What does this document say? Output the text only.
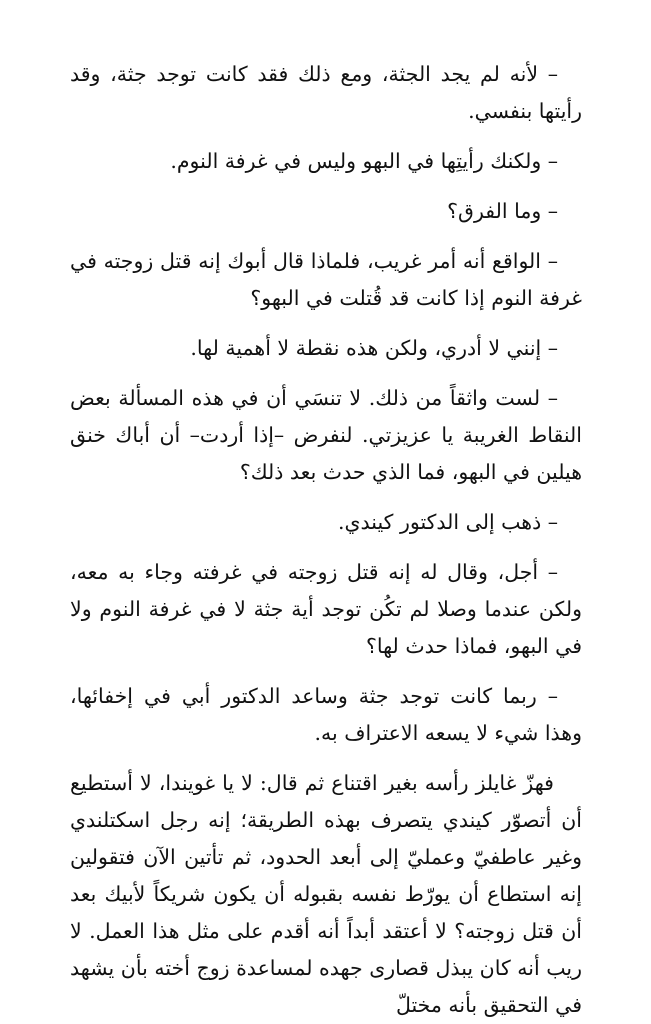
– لأنه لم يجد الجثة، ومع ذلك فقد كانت توجد جثة، وقد رأيتها بنفسي.

– ولكنك رأيتِها في البهو وليس في غرفة النوم.

– وما الفرق؟

– الواقع أنه أمر غريب، فلماذا قال أبوك إنه قتل زوجته في غرفة النوم إذا كانت قد قُتلت في البهو؟

– إنني لا أدري، ولكن هذه نقطة لا أهمية لها.

– لست واثقاً من ذلك. لا تنسَي أن في هذه المسألة بعض النقاط الغريبة يا عزيزتي. لنفرض –إذا أردت– أن أباك خنق هيلين في البهو، فما الذي حدث بعد ذلك؟

– ذهب إلى الدكتور كيندي.

– أجل، وقال له إنه قتل زوجته في غرفته وجاء به معه، ولكن عندما وصلا لم تكُن توجد أية جثة لا في غرفة النوم ولا في البهو، فماذا حدث لها؟

– ربما كانت توجد جثة وساعد الدكتور أبي في إخفائها، وهذا شيء لا يسعه الاعتراف به.

فهزّ غايلز رأسه بغير اقتناع ثم قال: لا يا غويندا، لا أستطيع أن أتصوّر كيندي يتصرف بهذه الطريقة؛ إنه رجل اسكتلندي وغير عاطفيّ وعمليّ إلى أبعد الحدود، ثم تأتين الآن فتقولين إنه استطاع أن يورّط نفسه بقبوله أن يكون شريكاً لأبيك بعد أن قتل زوجته؟ لا أعتقد أبداً أنه أقدم على مثل هذا العمل. لا ريب أنه كان يبذل قصارى جهده لمساعدة زوج أخته بأن يشهد في التحقيق بأنه مختلّ
